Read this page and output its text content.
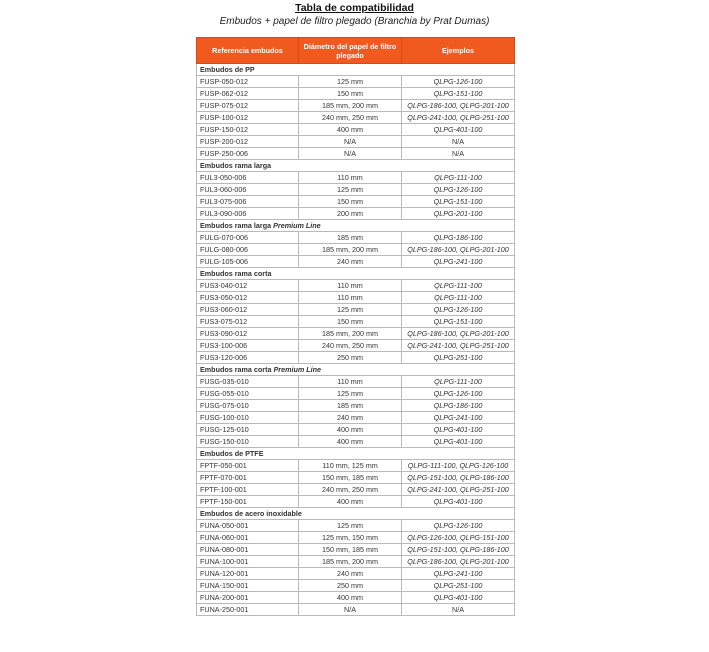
Tabla de compatibilidad
Embudos + papel de filtro plegado (Branchia by Prat Dumas)
Referencia embudos	Diámetro del papel de filtro plegado	Ejemplos
Embudos de PP		
FUSP-050-012	125 mm	QLPG-126-100
FUSP-062-012	150 mm	QLPG-151-100
FUSP-075-012	185 mm, 200 mm	QLPG-186-100, QLPG-201-100
FUSP-100-012	240 mm, 250 mm	QLPG-241-100, QLPG-251-100
FUSP-150-012	400 mm	QLPG-401-100
FUSP-200-012	N/A	N/A
FUSP-250-006	N/A	N/A
Embudos rama larga		
FUL3-050-006	110 mm	QLPG-111-100
FUL3-060-006	125 mm	QLPG-126-100
FUL3-075-006	150 mm	QLPG-151-100
FUL3-090-006	200 mm	QLPG-201-100
Embudos rama larga Premium Line		
FULG-070-006	185 mm	QLPG-186-100
FULG-080-006	185 mm, 200 mm	QLPG-186-100, QLPG-201-100
FULG-105-006	240 mm	QLPG-241-100
Embudos rama corta		
FUS3-040-012	110 mm	QLPG-111-100
FUS3-050-012	110 mm	QLPG-111-100
FUS3-060-012	125 mm	QLPG-126-100
FUS3-075-012	150 mm	QLPG-151-100
FUS3-090-012	185 mm, 200 mm	QLPG-186-100, QLPG-201-100
FUS3-100-006	240 mm, 250 mm	QLPG-241-100, QLPG-251-100
FUS3-120-006	250 mm	QLPG-251-100
Embudos rama corta Premium Line		
FUSG-035-010	110 mm	QLPG-111-100
FUSG-055-010	125 mm	QLPG-126-100
FUSG-075-010	185 mm	QLPG-186-100
FUSG-100-010	240 mm	QLPG-241-100
FUSG-125-010	400 mm	QLPG-401-100
FUSG-150-010	400 mm	QLPG-401-100
Embudos de PTFE		
FPTF-050-001	110 mm, 125 mm	QLPG-111-100, QLPG-126-100
FPTF-070-001	150 mm, 185 mm	QLPG-151-100, QLPG-186-100
FPTF-100-001	240 mm, 250 mm	QLPG-241-100, QLPG-251-100
FPTF-150-001	400 mm	QLPG-401-100
Embudos de acero inoxidable		
FUNA-050-001	125 mm	QLPG-126-100
FUNA-060-001	125 mm, 150 mm	QLPG-126-100, QLPG-151-100
FUNA-080-001	150 mm, 185 mm	QLPG-151-100, QLPG-186-100
FUNA-100-001	185 mm, 200 mm	QLPG-186-100, QLPG-201-100
FUNA-120-001	240 mm	QLPG-241-100
FUNA-150-001	250 mm	QLPG-251-100
FUNA-200-001	400 mm	QLPG-401-100
FUNA-250-001	N/A	N/A
